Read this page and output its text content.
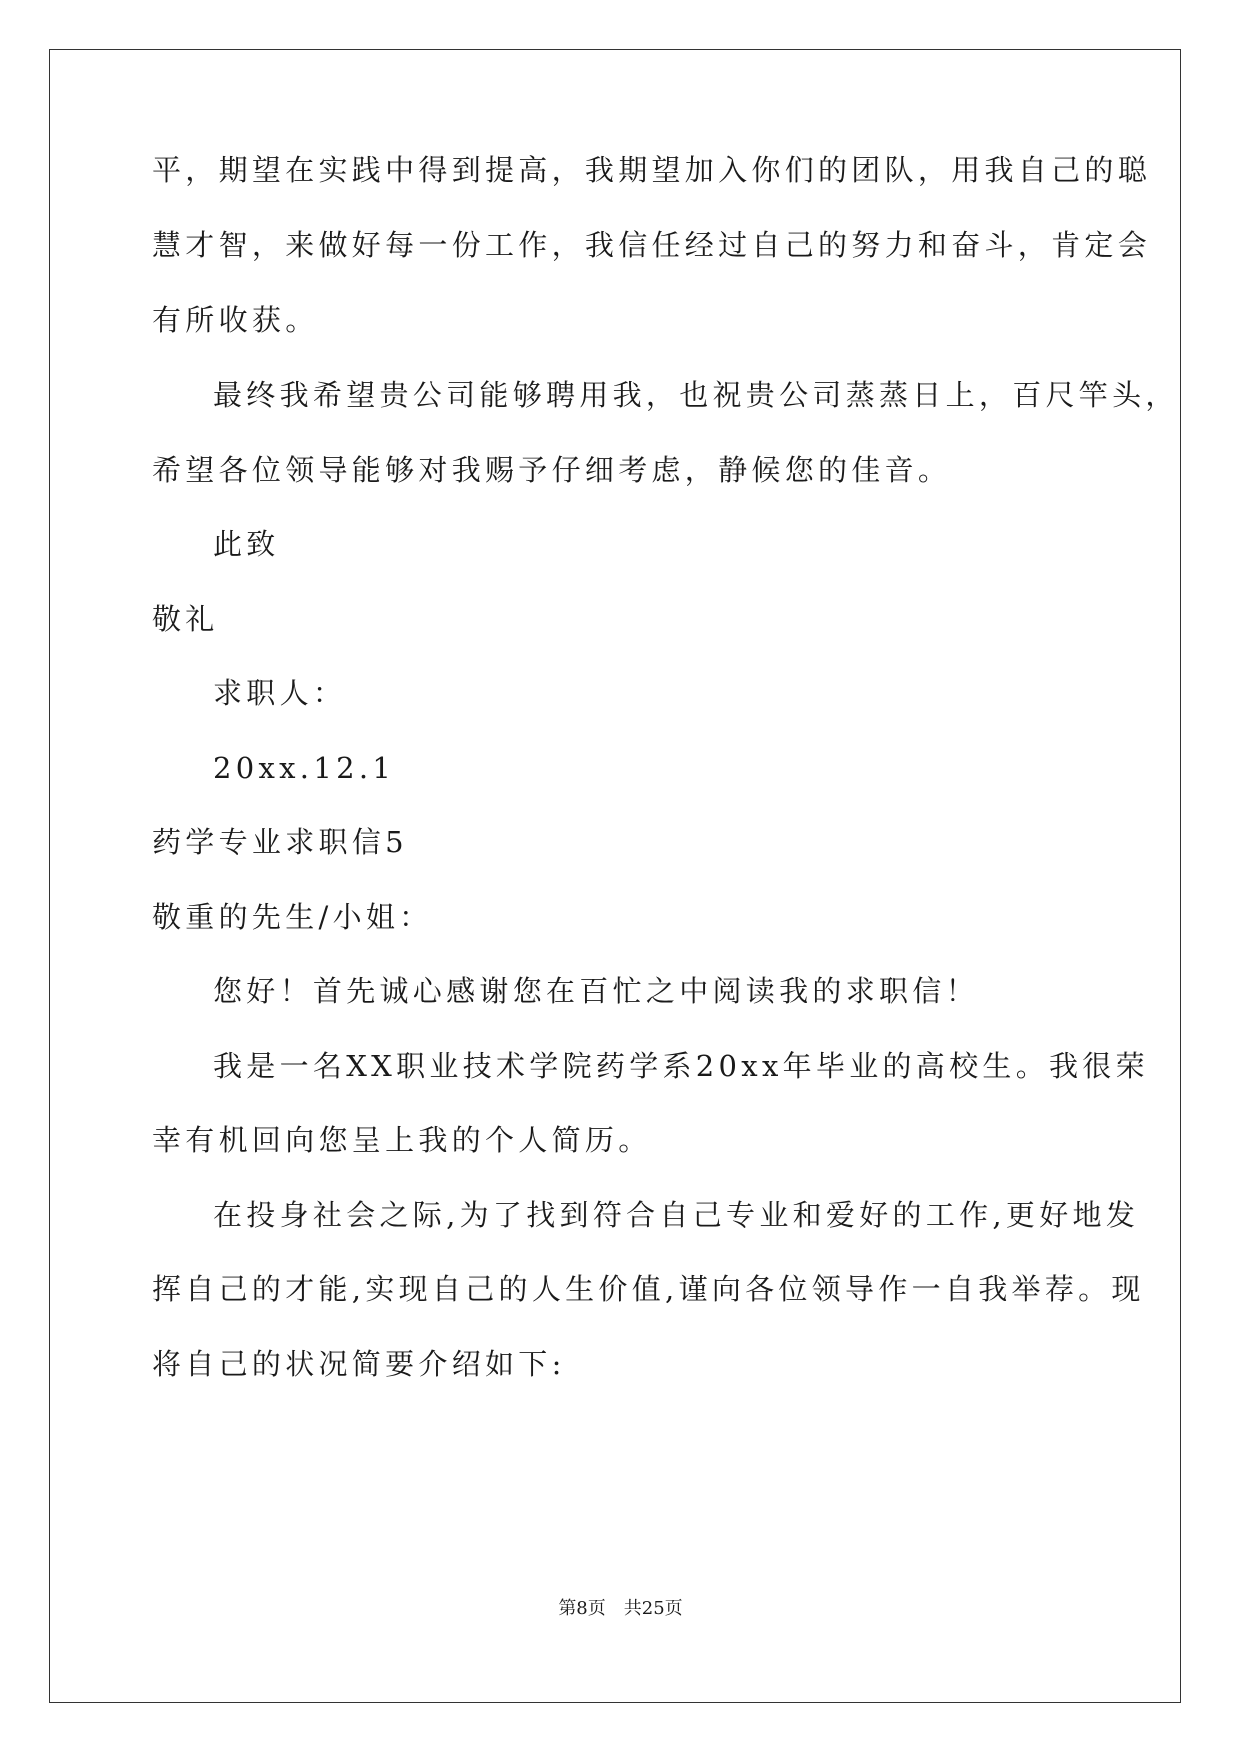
平，期望在实践中得到提高，我期望加入你们的团队，用我自己的聪
慧才智，来做好每一份工作，我信任经过自己的努力和奋斗，肯定会
有所收获。
最终我希望贵公司能够聘用我，也祝贵公司蒸蒸日上，百尺竿头，
希望各位领导能够对我赐予仔细考虑，静候您的佳音。
此致
敬礼
求职人：
20xx.12.1
药学专业求职信5
敬重的先生/小姐：
您好！首先诚心感谢您在百忙之中阅读我的求职信！
我是一名XX职业技术学院药学系20xx年毕业的高校生。我很荣
幸有机回向您呈上我的个人简历。
在投身社会之际,为了找到符合自己专业和爱好的工作,更好地发
挥自己的才能,实现自己的人生价值,谨向各位领导作一自我举荐。现
将自己的状况简要介绍如下:
第8页　共25页
